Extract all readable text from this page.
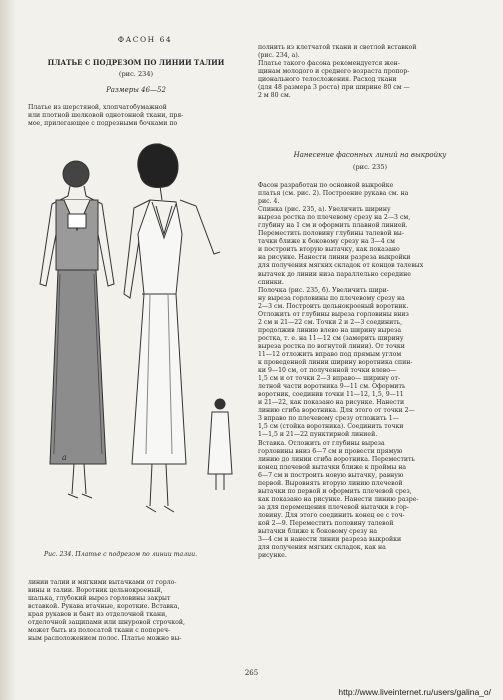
ФАСОН 64
ПЛАТЬЕ С ПОДРЕЗОМ ПО ЛИНИИ ТАЛИИ
(рис. 234)
Размеры 46—52
Платье из шерстяной, хлопчатобумажной
или плотной шелковой однотонной ткани, пря-
мое, прилегающее с подрезными бочками по
а
Рис. 234. Платье с подрезом по линии талии.
линии талии и мягкими вытачками от горло-
вины и талии. Воротник цельнокроеный,
шалька, глубокий вырез горловины закрыт
вставкой. Рукава втачные, короткие. Вставка,
края рукавов и бант из отделочной ткани,
отделочной защипами или шнуровой строчкой,
может быть из полосатой ткани с попереч-
ным расположением полос. Платье можно вы-
полнить из клетчатой ткани и светлой вставкой
(рис. 234, а).
Платье такого фасона рекомендуется жен-
щинам молодого и среднего возраста пропор-
ционального телосложения. Расход ткани
(для 48 размера 3 роста) при ширине 80 см —
2 м 80 см.
Нанесение фасонных линий на выкройку
(рис. 235)
Фасон разработан по основной выкройке
платья (см. рис. 2). Построение рукава см. на
рис. 4.
Спинка (рис. 235, а). Увеличить ширину
выреза ростка по плечевому срезу на 2—3 см,
глубину на 1 см и оформить плавной линией.
Переместить половину глубины талевой вы-
тачки ближе к боковому срезу на 3—4 см
и построить вторую вытачку, как показано
на рисунке. Нанести линии разреза выкройки
для получения мягких складок от концов талевых
вытачек до линии низа параллельно середине
спинки.
Полочка (рис. 235, б). Увеличить шири-
ну выреза горловины по плечевому срезу на
2—3 см. Построить цельнокроеный воротник.
Отложить от глубины выреза горловины вниз
2 см и 21—22 см. Точки 2 и 2—3 соединить,
продолжив линию влево на ширину выреза
ростка, т. е. на 11—12 см (замерить ширину
выреза ростка по вогнутой линии). От точки
11—12 отложить вправо под прямым углом
к проведенной линии ширину воротника спин-
ки 9—10 см, от полученной точки влево—
1,5 см и от точки 2—3 вправо— ширину от-
летной части воротника 9—11 см. Оформить
воротник, соединив точки 11—12, 1,5, 9—11
и 21—22, как показано на рисунке. Нанести
линию сгиба воротника. Для этого от точки 2—
3 вправо по плечевому срезу отложить 1—
1,5 см (стойка воротника). Соединить точки
1—1,5 и 21—22 пунктирной линией.
Вставка. Отложить от глубины выреза
горловины вниз 6—7 см и провести прямую
линию до линии сгиба воротника. Переместить
конец плечевой вытачки ближе к проймы на
6—7 см и построить новую вытачку, равную
первой. Выровнять вторую линию плечевой
вытачки по первой и оформить плечевой срез,
как показано на рисунке. Нанести линию разре-
за для перемещения плечевой вытачки в гор-
ловину. Для этого соединить конец ее с точ-
кой 2—9. Переместить половину талевой
вытачки ближе к боковому срезу на
3—4 см и нанести линии разреза выкройки
для получения мягких складок, как на
рисунке.
265
http://www.liveinternet.ru/users/galina_o/
